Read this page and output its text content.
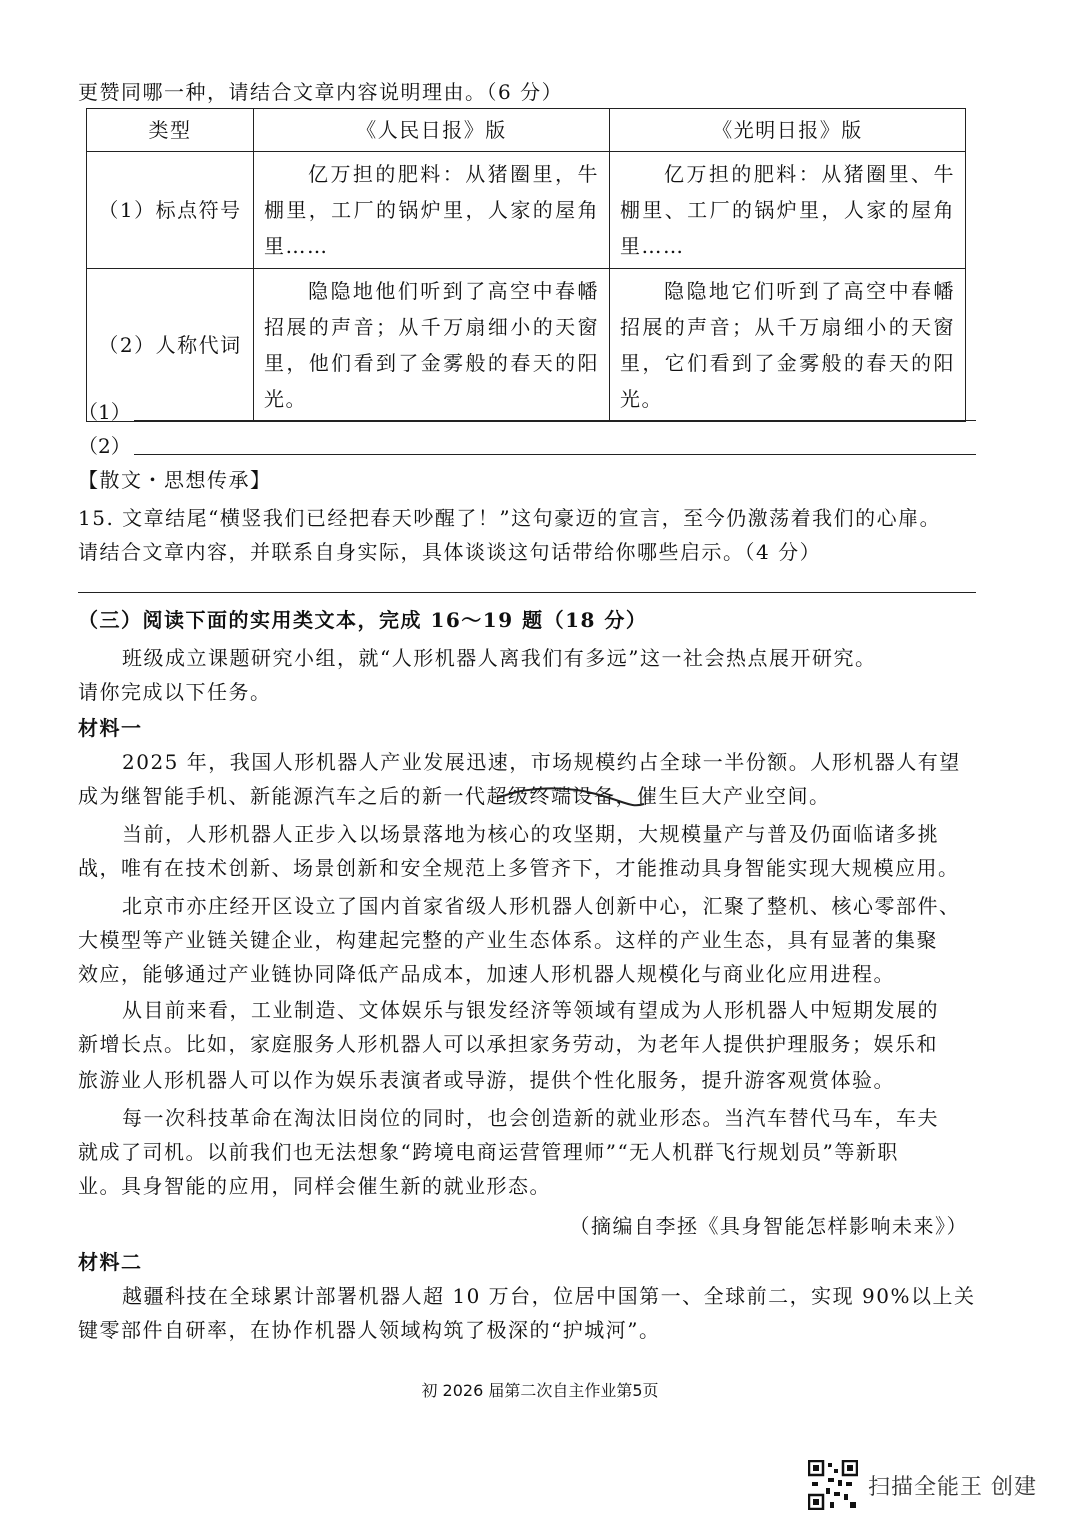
更赞同哪一种，请结合文章内容说明理由。（6 分）
类型	《人民日报》版	《光明日报》版
（1）标点符号	亿万担的肥料：从猪圈里，牛棚里，工厂的锅炉里，人家的屋角里……	亿万担的肥料：从猪圈里、牛棚里、工厂的锅炉里，人家的屋角里……
（2）人称代词	隐隐地他们听到了高空中春幡招展的声音；从千万扇细小的天窗里，他们看到了金雾般的春天的阳光。	隐隐地它们听到了高空中春幡招展的声音；从千万扇细小的天窗里，它们看到了金雾般的春天的阳光。
（1）
（2）
【散文・思想传承】
15. 文章结尾“横竖我们已经把春天吵醒了！”这句豪迈的宣言，至今仍激荡着我们的心扉。
请结合文章内容，并联系自身实际，具体谈谈这句话带给你哪些启示。（4 分）
（三）阅读下面的实用类文本，完成 16～19 题（18 分）
班级成立课题研究小组，就“人形机器人离我们有多远”这一社会热点展开研究。
请你完成以下任务。
材料一
2025 年，我国人形机器人产业发展迅速，市场规模约占全球一半份额。人形机器人有望
成为继智能手机、新能源汽车之后的新一代超级终端设备，催生巨大产业空间。
当前，人形机器人正步入以场景落地为核心的攻坚期，大规模量产与普及仍面临诸多挑
战，唯有在技术创新、场景创新和安全规范上多管齐下，才能推动具身智能实现大规模应用。
北京市亦庄经开区设立了国内首家省级人形机器人创新中心，汇聚了整机、核心零部件、
大模型等产业链关键企业，构建起完整的产业生态体系。这样的产业生态，具有显著的集聚
效应，能够通过产业链协同降低产品成本，加速人形机器人规模化与商业化应用进程。
从目前来看，工业制造、文体娱乐与银发经济等领域有望成为人形机器人中短期发展的
新增长点。比如，家庭服务人形机器人可以承担家务劳动，为老年人提供护理服务；娱乐和
旅游业人形机器人可以作为娱乐表演者或导游，提供个性化服务，提升游客观赏体验。
每一次科技革命在淘汰旧岗位的同时，也会创造新的就业形态。当汽车替代马车，车夫
就成了司机。以前我们也无法想象“跨境电商运营管理师”“无人机群飞行规划员”等新职
业。具身智能的应用，同样会催生新的就业形态。
（摘编自李拯《具身智能怎样影响未来》）
材料二
越疆科技在全球累计部署机器人超 10 万台，位居中国第一、全球前二，实现 90%以上关
键零部件自研率，在协作机器人领域构筑了极深的“护城河”。
初 2026 届第二次自主作业第5页
扫描全能王 创建
